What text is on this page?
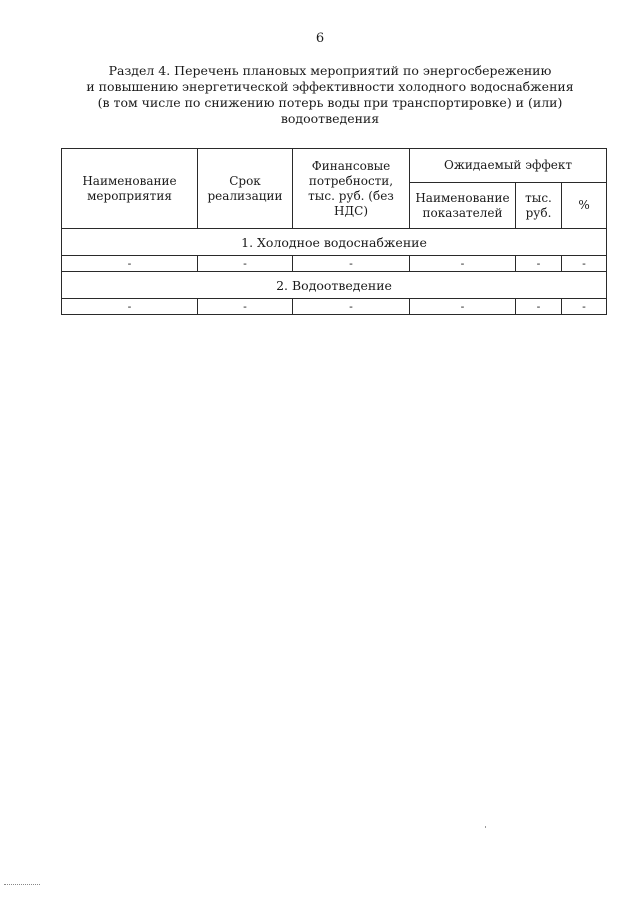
6
Раздел 4. Перечень плановых мероприятий по энергосбережению
и повышению энергетической эффективности холодного водоснабжения
(в том числе по снижению потерь воды при транспортировке) и (или)
водоотведения
Наименование мероприятия	Срок реализации	Финансовые потребности, тыс. руб. (без НДС)	Ожидаемый эффект		
			Наименование показателей	тыс. руб.	%
1. Холодное водоснабжение					
-	-	-	-	-	-
2. Водоотведение					
-	-	-	-	-	-
